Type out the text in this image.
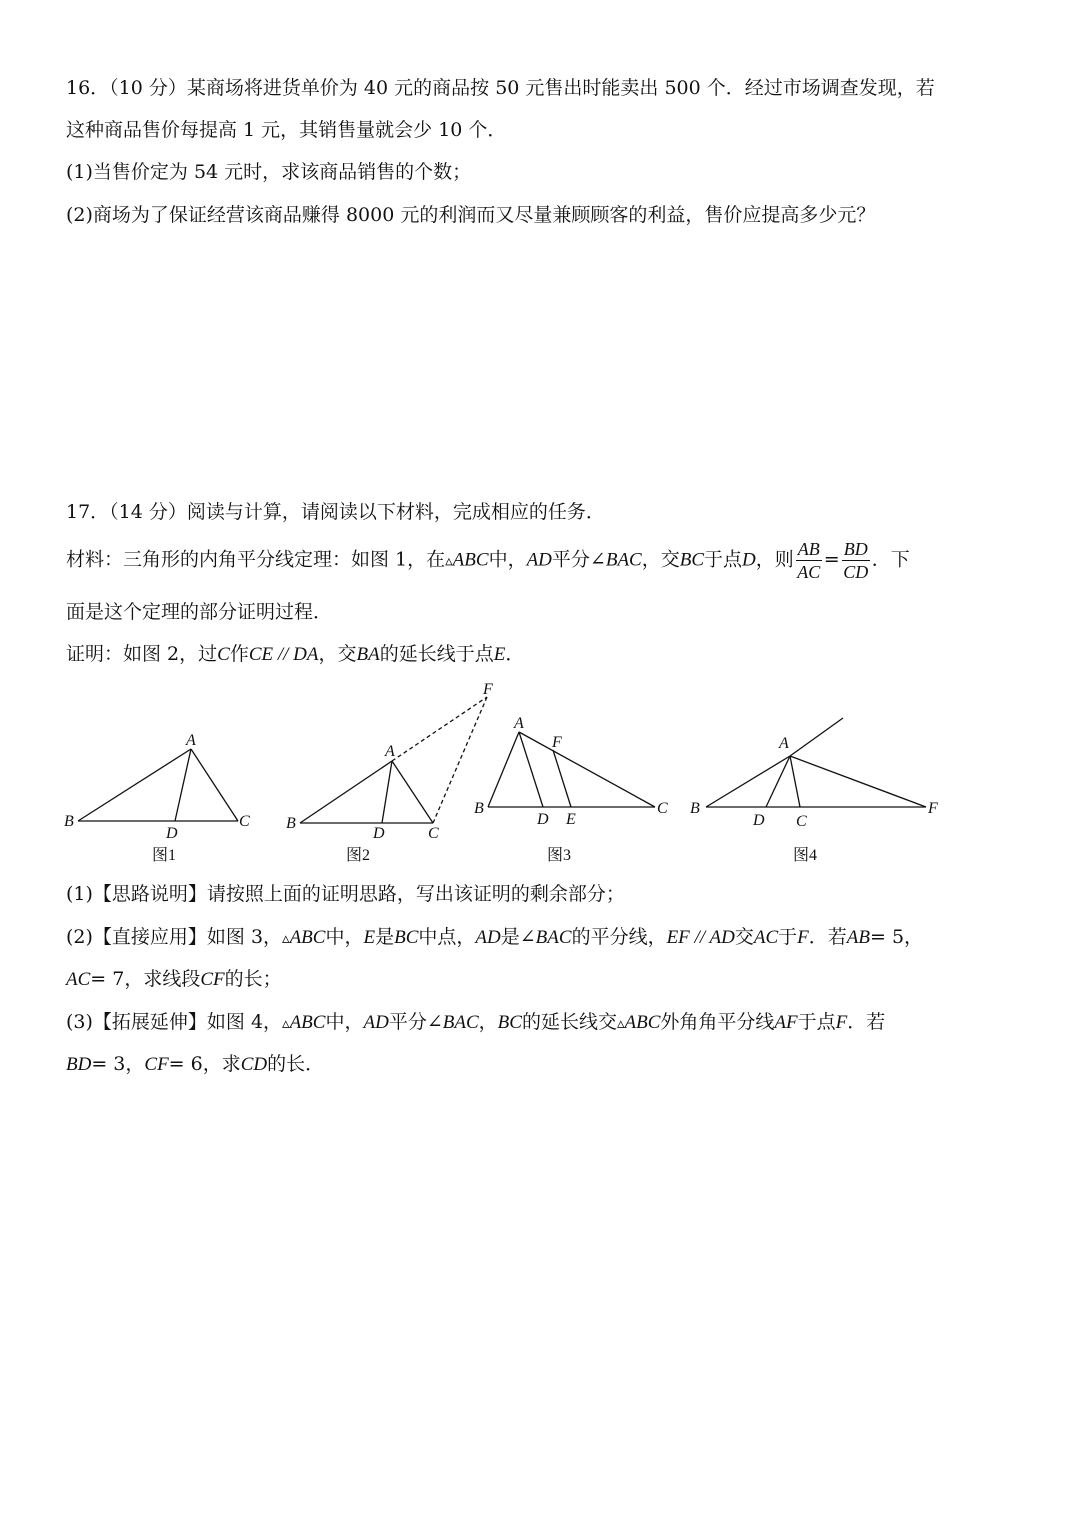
16．（10 分）某商场将进货单价为 40 元的商品按 50 元售出时能卖出 500 个．经过市场调查发现，若
这种商品售价每提高 1 元，其销售量就会少 10 个．
(1)当售价定为 54 元时，求该商品销售的个数；
(2)商场为了保证经营该商品赚得 8000 元的利润而又尽量兼顾顾客的利益，售价应提高多少元？
17．（14 分）阅读与计算，请阅读以下材料，完成相应的任务．
材料：三角形的内角平分线定理：如图 1，在▵ABC中，AD平分∠BAC，交BC于点D，则 $\frac{AB}{AC} = \frac{BD}{CD}$ ．下
面是这个定理的部分证明过程．
证明：如图 2，过C作CE // DA，交BA的延长线于点E．
A
B	C
D
A
B
C
D
F
A
B	C
D E
F	A
B
C
D
F
图1	图2	图3	图4
(1)【思路说明】请按照上面的证明思路，写出该证明的剩余部分；
(2)【直接应用】如图 3，▵ABC中，E是BC中点，AD是∠BAC的平分线，EF // AD交AC于F．若AB= 5，
AC= 7，求线段CF的长；
(3)【拓展延伸】如图 4，▵ABC中，AD平分∠BAC，BC的延长线交▵ABC外角角平分线AF于点F．若
BD= 3，CF= 6，求CD的长．
